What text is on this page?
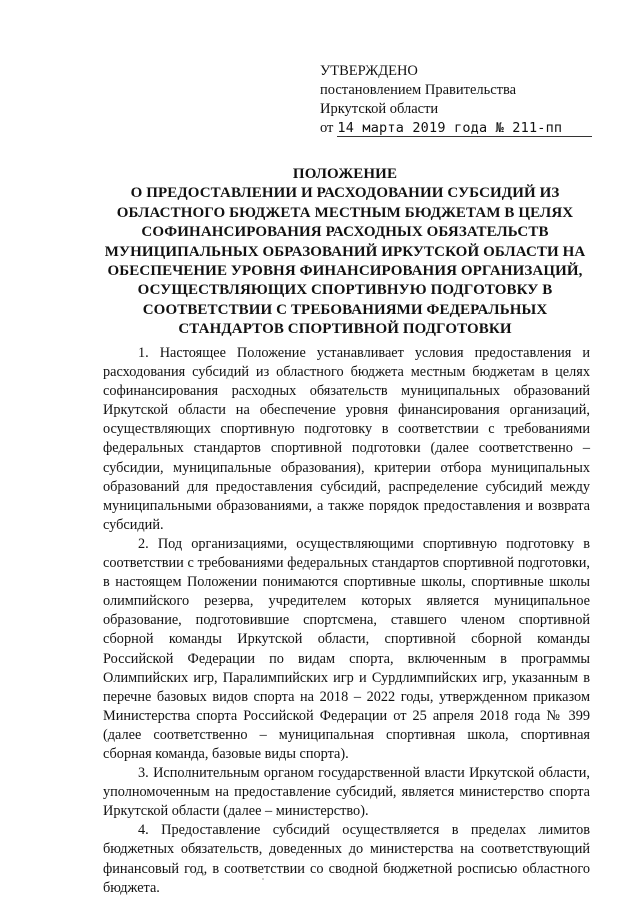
УТВЕРЖДЕНО
постановлением Правительства
Иркутской области
от 14 марта 2019 года № 211-пп
ПОЛОЖЕНИЕ
О ПРЕДОСТАВЛЕНИИ И РАСХОДОВАНИИ СУБСИДИЙ ИЗ
ОБЛАСТНОГО БЮДЖЕТА МЕСТНЫМ БЮДЖЕТАМ В ЦЕЛЯХ
СОФИНАНСИРОВАНИЯ РАСХОДНЫХ ОБЯЗАТЕЛЬСТВ
МУНИЦИПАЛЬНЫХ ОБРАЗОВАНИЙ ИРКУТСКОЙ ОБЛАСТИ НА
ОБЕСПЕЧЕНИЕ УРОВНЯ ФИНАНСИРОВАНИЯ ОРГАНИЗАЦИЙ,
ОСУЩЕСТВЛЯЮЩИХ СПОРТИВНУЮ ПОДГОТОВКУ В
СООТВЕТСТВИИ С ТРЕБОВАНИЯМИ ФЕДЕРАЛЬНЫХ
СТАНДАРТОВ СПОРТИВНОЙ ПОДГОТОВКИ

1. Настоящее Положение устанавливает условия предоставления и расходования субсидий из областного бюджета местным бюджетам в целях софинансирования расходных обязательств муниципальных образований Иркутской области на обеспечение уровня финансирования организаций, осуществляющих спортивную подготовку в соответствии с требованиями федеральных стандартов спортивной подготовки (далее соответственно – субсидии, муниципальные образования), критерии отбора муниципальных образований для предоставления субсидий, распределение субсидий между муниципальными образованиями, а также порядок предоставления и возврата субсидий.

2. Под организациями, осуществляющими спортивную подготовку в соответствии с требованиями федеральных стандартов спортивной подготовки, в настоящем Положении понимаются спортивные школы, спортивные школы олимпийского резерва, учредителем которых является муниципальное образование, подготовившие спортсмена, ставшего членом спортивной сборной команды Иркутской области, спортивной сборной команды Российской Федерации по видам спорта, включенным в программы Олимпийских игр, Паралимпийских игр и Сурдлимпийских игр, указанным в перечне базовых видов спорта на 2018 – 2022 годы, утвержденном приказом Министерства спорта Российской Федерации от 25 апреля 2018 года № 399 (далее соответственно – муниципальная спортивная школа, спортивная сборная команда, базовые виды спорта).

3. Исполнительным органом государственной власти Иркутской области, уполномоченным на предоставление субсидий, является министерство спорта Иркутской области (далее – министерство).

4. Предоставление субсидий осуществляется в пределах лимитов бюджетных обязательств, доведенных до министерства на соответствующий финансовый год, в соответствии со сводной бюджетной росписью областного бюджета.
